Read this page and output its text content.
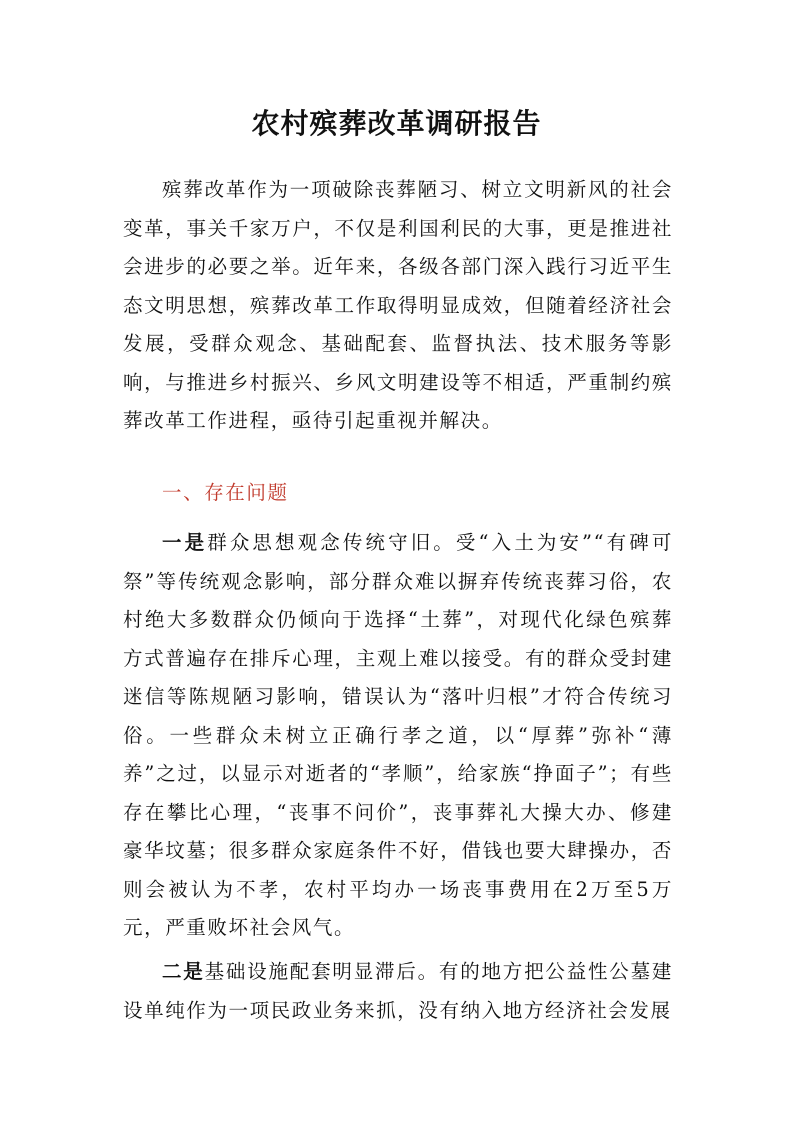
农村殡葬改革调研报告

殡葬改革作为一项破除丧葬陋习、树立文明新风的社会变革，事关千家万户，不仅是利国利民的大事，更是推进社会进步的必要之举。近年来，各级各部门深入践行习近平生态文明思想，殡葬改革工作取得明显成效，但随着经济社会发展，受群众观念、基础配套、监督执法、技术服务等影响，与推进乡村振兴、乡风文明建设等不相适，严重制约殡葬改革工作进程，亟待引起重视并解决。

一、存在问题

一是群众思想观念传统守旧。受“入土为安”“有碑可祭”等传统观念影响，部分群众难以摒弃传统丧葬习俗，农村绝大多数群众仍倾向于选择“土葬”，对现代化绿色殡葬方式普遍存在排斥心理，主观上难以接受。有的群众受封建迷信等陈规陋习影响，错误认为“落叶归根”才符合传统习俗。一些群众未树立正确行孝之道，以“厚葬”弥补“薄养”之过，以显示对逝者的“孝顺”，给家族“挣面子”；有些存在攀比心理，“丧事不问价”，丧事葬礼大操大办、修建豪华坟墓；很多群众家庭条件不好，借钱也要大肆操办，否则会被认为不孝，农村平均办一场丧事费用在2万至5万元，严重败坏社会风气。

二是基础设施配套明显滞后。有的地方把公益性公墓建设单纯作为一项民政业务来抓，没有纳入地方经济社会发展
